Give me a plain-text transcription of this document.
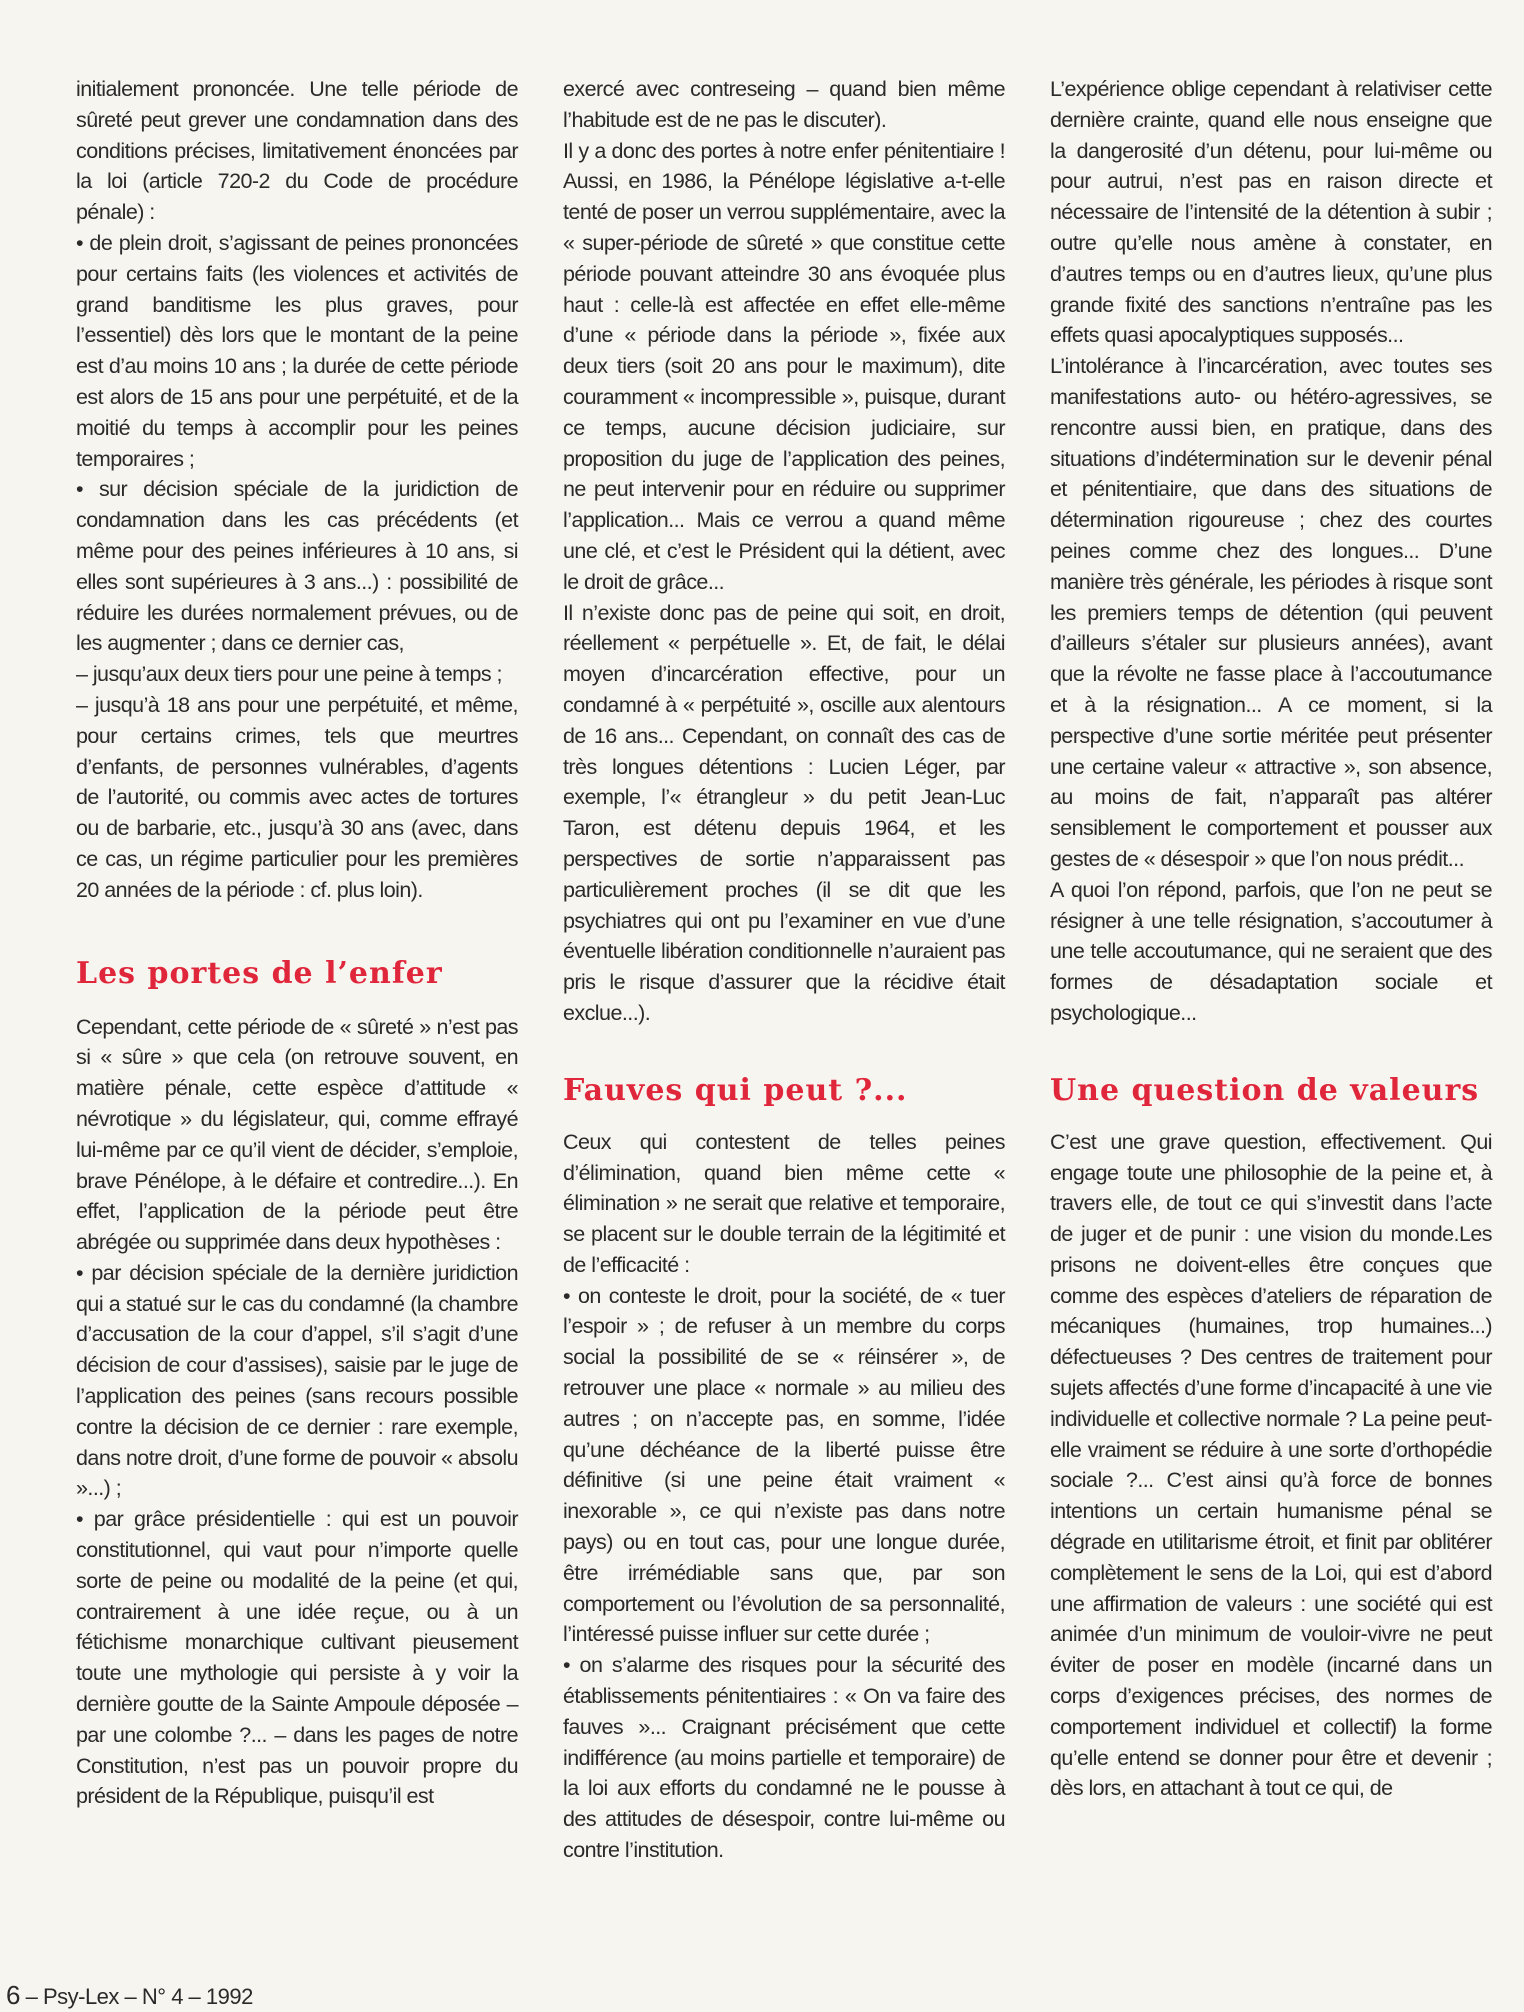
initialement prononcée. Une telle période de sûreté peut grever une condamnation dans des conditions précises, limitativement énoncées par la loi (article 720-2 du Code de procédure pénale) :

• de plein droit, s’agissant de peines prononcées pour certains faits (les violences et activités de grand banditisme les plus graves, pour l’essentiel) dès lors que le montant de la peine est d’au moins 10 ans ; la durée de cette période est alors de 15 ans pour une perpétuité, et de la moitié du temps à accomplir pour les peines temporaires ;

• sur décision spéciale de la juridiction de condamnation dans les cas précédents (et même pour des peines inférieures à 10 ans, si elles sont supérieures à 3 ans...) : possibilité de réduire les durées normalement prévues, ou de les augmenter ; dans ce dernier cas,

– jusqu’aux deux tiers pour une peine à temps ;

– jusqu’à 18 ans pour une perpétuité, et même, pour certains crimes, tels que meurtres d’enfants, de personnes vulnérables, d’agents de l’autorité, ou commis avec actes de tortures ou de barbarie, etc., jusqu’à 30 ans (avec, dans ce cas, un régime particulier pour les premières 20 années de la période : cf. plus loin).

Les portes de l’enfer

Cependant, cette période de « sûreté » n’est pas si « sûre » que cela (on retrouve souvent, en matière pénale, cette espèce d’attitude « névrotique » du législateur, qui, comme effrayé lui-même par ce qu’il vient de décider, s’emploie, brave Pénélope, à le défaire et contredire...). En effet, l’application de la période peut être abrégée ou supprimée dans deux hypothèses :

• par décision spéciale de la dernière juridiction qui a statué sur le cas du condamné (la chambre d’accusation de la cour d’appel, s’il s’agit d’une décision de cour d’assises), saisie par le juge de l’application des peines (sans recours possible contre la décision de ce dernier : rare exemple, dans notre droit, d’une forme de pouvoir « absolu »...) ;

• par grâce présidentielle : qui est un pouvoir constitutionnel, qui vaut pour n’importe quelle sorte de peine ou modalité de la peine (et qui, contrairement à une idée reçue, ou à un fétichisme monarchique cultivant pieusement toute une mythologie qui persiste à y voir la dernière goutte de la Sainte Ampoule déposée – par une colombe ?... – dans les pages de notre Constitution, n’est pas un pouvoir propre du président de la République, puisqu’il est

exercé avec contreseing – quand bien même l’habitude est de ne pas le discuter).

Il y a donc des portes à notre enfer pénitentiaire ! Aussi, en 1986, la Pénélope législative a-t-elle tenté de poser un verrou supplémentaire, avec la « super-période de sûreté » que constitue cette période pouvant atteindre 30 ans évoquée plus haut : celle-là est affectée en effet elle-même d’une « période dans la période », fixée aux deux tiers (soit 20 ans pour le maximum), dite couramment « incompressible », puisque, durant ce temps, aucune décision judiciaire, sur proposition du juge de l’application des peines, ne peut intervenir pour en réduire ou supprimer l’application... Mais ce verrou a quand même une clé, et c’est le Président qui la détient, avec le droit de grâce...

Il n’existe donc pas de peine qui soit, en droit, réellement « perpétuelle ». Et, de fait, le délai moyen d’incarcération effective, pour un condamné à « perpétuité », oscille aux alentours de 16 ans... Cependant, on connaît des cas de très longues détentions : Lucien Léger, par exemple, l’« étrangleur » du petit Jean-Luc Taron, est détenu depuis 1964, et les perspectives de sortie n’apparaissent pas particulièrement proches (il se dit que les psychiatres qui ont pu l’examiner en vue d’une éventuelle libération conditionnelle n’auraient pas pris le risque d’assurer que la récidive était exclue...).

Fauves qui peut ?...

Ceux qui contestent de telles peines d’élimination, quand bien même cette « élimination » ne serait que relative et temporaire, se placent sur le double terrain de la légitimité et de l’efficacité :

• on conteste le droit, pour la société, de « tuer l’espoir » ; de refuser à un membre du corps social la possibilité de se « réinsérer », de retrouver une place « normale » au milieu des autres ; on n’accepte pas, en somme, l’idée qu’une déchéance de la liberté puisse être définitive (si une peine était vraiment « inexorable », ce qui n’existe pas dans notre pays) ou en tout cas, pour une longue durée, être irrémédiable sans que, par son comportement ou l’évolution de sa personnalité, l’intéressé puisse influer sur cette durée ;

• on s’alarme des risques pour la sécurité des établissements pénitentiaires : « On va faire des fauves »... Craignant précisément que cette indifférence (au moins partielle et temporaire) de la loi aux efforts du condamné ne le pousse à des attitudes de désespoir, contre lui-même ou contre l’institution.

L’expérience oblige cependant à relativiser cette dernière crainte, quand elle nous enseigne que la dangerosité d’un détenu, pour lui-même ou pour autrui, n’est pas en raison directe et nécessaire de l’intensité de la détention à subir ; outre qu’elle nous amène à constater, en d’autres temps ou en d’autres lieux, qu’une plus grande fixité des sanctions n’entraîne pas les effets quasi apocalyptiques supposés...

L’intolérance à l’incarcération, avec toutes ses manifestations auto- ou hétéro-agressives, se rencontre aussi bien, en pratique, dans des situations d’indétermination sur le devenir pénal et pénitentiaire, que dans des situations de détermination rigoureuse ; chez des courtes peines comme chez des longues... D’une manière très générale, les périodes à risque sont les premiers temps de détention (qui peuvent d’ailleurs s’étaler sur plusieurs années), avant que la révolte ne fasse place à l’accoutumance et à la résignation... A ce moment, si la perspective d’une sortie méritée peut présenter une certaine valeur « attractive », son absence, au moins de fait, n’apparaît pas altérer sensiblement le comportement et pousser aux gestes de « désespoir » que l’on nous prédit...

A quoi l’on répond, parfois, que l’on ne peut se résigner à une telle résignation, s’accoutumer à une telle accoutumance, qui ne seraient que des formes de désadaptation sociale et psychologique...

Une question de valeurs

C’est une grave question, effectivement. Qui engage toute une philosophie de la peine et, à travers elle, de tout ce qui s’investit dans l’acte de juger et de punir : une vision du monde.Les prisons ne doivent-elles être conçues que comme des espèces d’ateliers de réparation de mécaniques (humaines, trop humaines...) défectueuses ? Des centres de traitement pour sujets affectés d’une forme d’incapacité à une vie individuelle et collective normale ? La peine peut-elle vraiment se réduire à une sorte d’orthopédie sociale ?... C’est ainsi qu’à force de bonnes intentions un certain humanisme pénal se dégrade en utilitarisme étroit, et finit par oblitérer complètement le sens de la Loi, qui est d’abord une affirmation de valeurs : une société qui est animée d’un minimum de vouloir-vivre ne peut éviter de poser en modèle (incarné dans un corps d’exigences précises, des normes de comportement individuel et collectif) la forme qu’elle entend se donner pour être et devenir ; dès lors, en attachant à tout ce qui, de

6 – Psy-Lex – N° 4 – 1992
